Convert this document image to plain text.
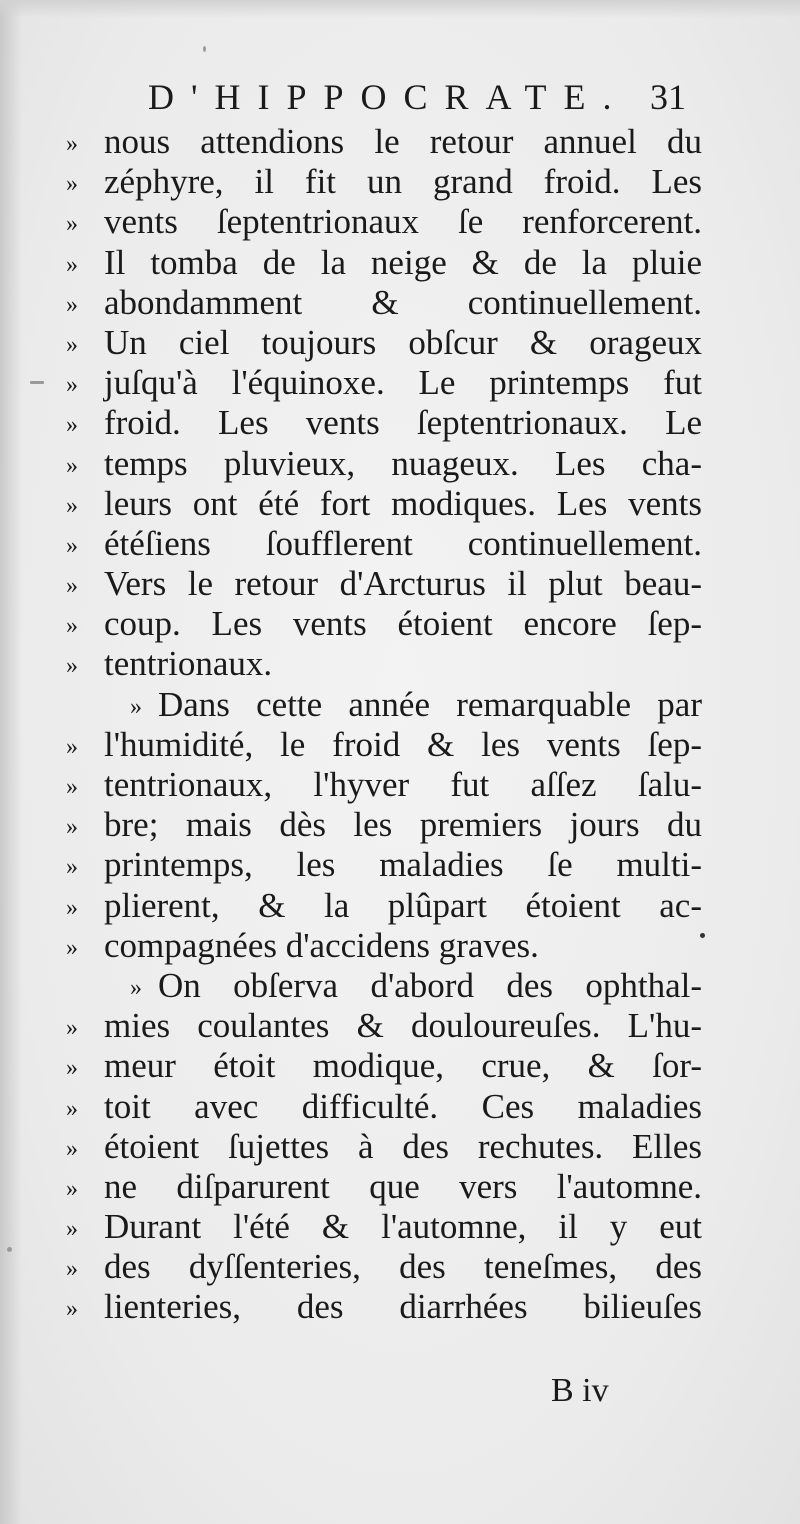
D'HIPPOCRATE. 31
» nous attendions le retour annuel du
» zéphyre, il fit un grand froid. Les
» vents ſeptentrionaux ſe renforcerent.
» Il tomba de la neige & de la pluie
» abondamment & continuellement.
» Un ciel toujours obſcur & orageux
» juſqu'à l'équinoxe. Le printemps fut
» froid. Les vents ſeptentrionaux. Le
» temps pluvieux, nuageux. Les cha-
» leurs ont été fort modiques. Les vents
» étéſiens ſoufflerent continuellement.
» Vers le retour d'Arcturus il plut beau-
» coup. Les vents étoient encore ſep-
» tentrionaux.
» Dans cette année remarquable par
» l'humidité, le froid & les vents ſep-
» tentrionaux, l'hyver fut aſſez ſalu-
» bre; mais dès les premiers jours du
» printemps, les maladies ſe multi-
» plierent, & la plûpart étoient ac-
» compagnées d'accidens graves.
» On obſerva d'abord des ophthal-
» mies coulantes & douloureuſes. L'hu-
» meur étoit modique, crue, & ſor-
» toit avec difficulté. Ces maladies
» étoient ſujettes à des rechutes. Elles
» ne diſparurent que vers l'automne.
» Durant l'été & l'automne, il y eut
» des dyſſenteries, des teneſmes, des
» lienteries, des diarrhées bilieuſes
B iv
